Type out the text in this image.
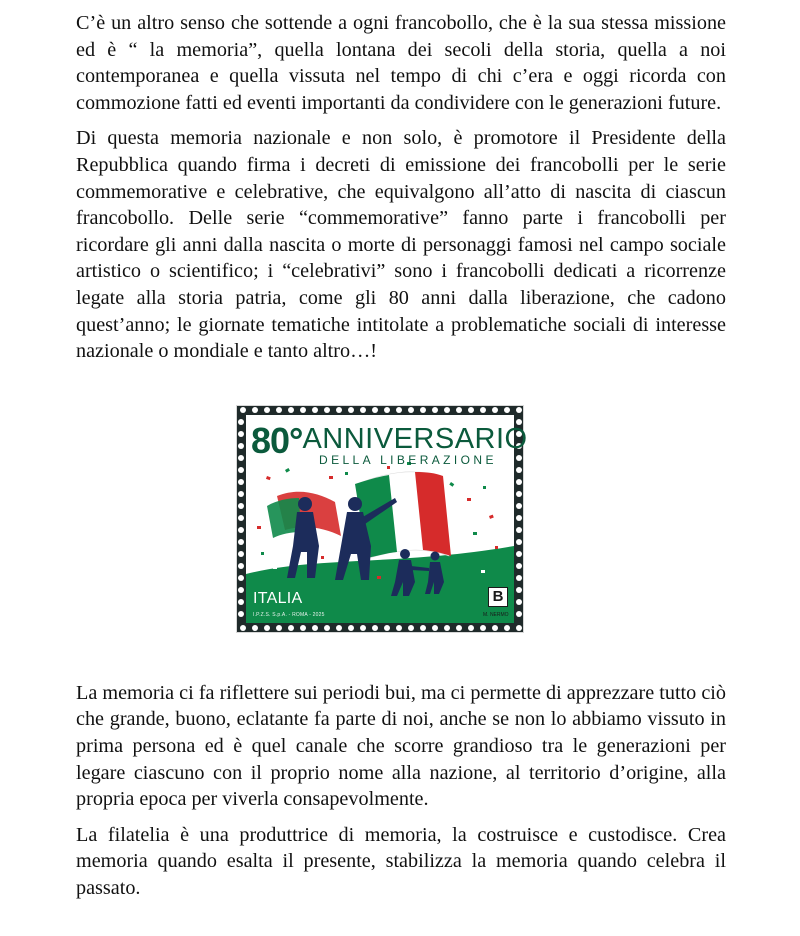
C’è un altro senso che sottende a ogni francobollo, che è la sua stessa missione ed è “ la memoria”, quella lontana dei secoli della storia, quella a noi contemporanea e quella vissuta nel tempo di chi c’era e oggi ricorda con commozione fatti ed eventi importanti da condividere con le generazioni future.

Di questa memoria nazionale e non solo, è promotore il Presidente della Repubblica quando firma i decreti di emissione dei francobolli per le serie commemorative e celebrative, che equivalgono all’atto di nascita di ciascun francobollo. Delle serie “commemorative” fanno parte i francobolli per ricordare gli anni dalla nascita o morte di personaggi famosi nel campo sociale artistico o scientifico; i “celebrativi” sono i francobolli dedicati a ricorrenze legate alla storia patria, come gli 80 anni dalla liberazione, che cadono quest’anno; le giornate tematiche intitolate a problematiche sociali di interesse nazionale o mondiale e tanto altro…!

80°ANNIVERSARIO
DELLA LIBERAZIONE
ITALIA
I.P.Z.S. S.p.A. - ROMA - 2025
B
M. NERMO

La memoria ci fa riflettere sui periodi bui, ma ci permette di apprezzare tutto ciò che grande, buono, eclatante fa parte di noi, anche se non lo abbiamo vissuto in prima persona ed è quel canale che scorre grandioso tra le generazioni per legare ciascuno con il proprio nome alla nazione, al territorio d’origine, alla propria epoca per viverla consapevolmente.

La filatelia è una produttrice di memoria, la costruisce e custodisce. Crea memoria quando esalta il presente, stabilizza la memoria quando celebra il passato.
